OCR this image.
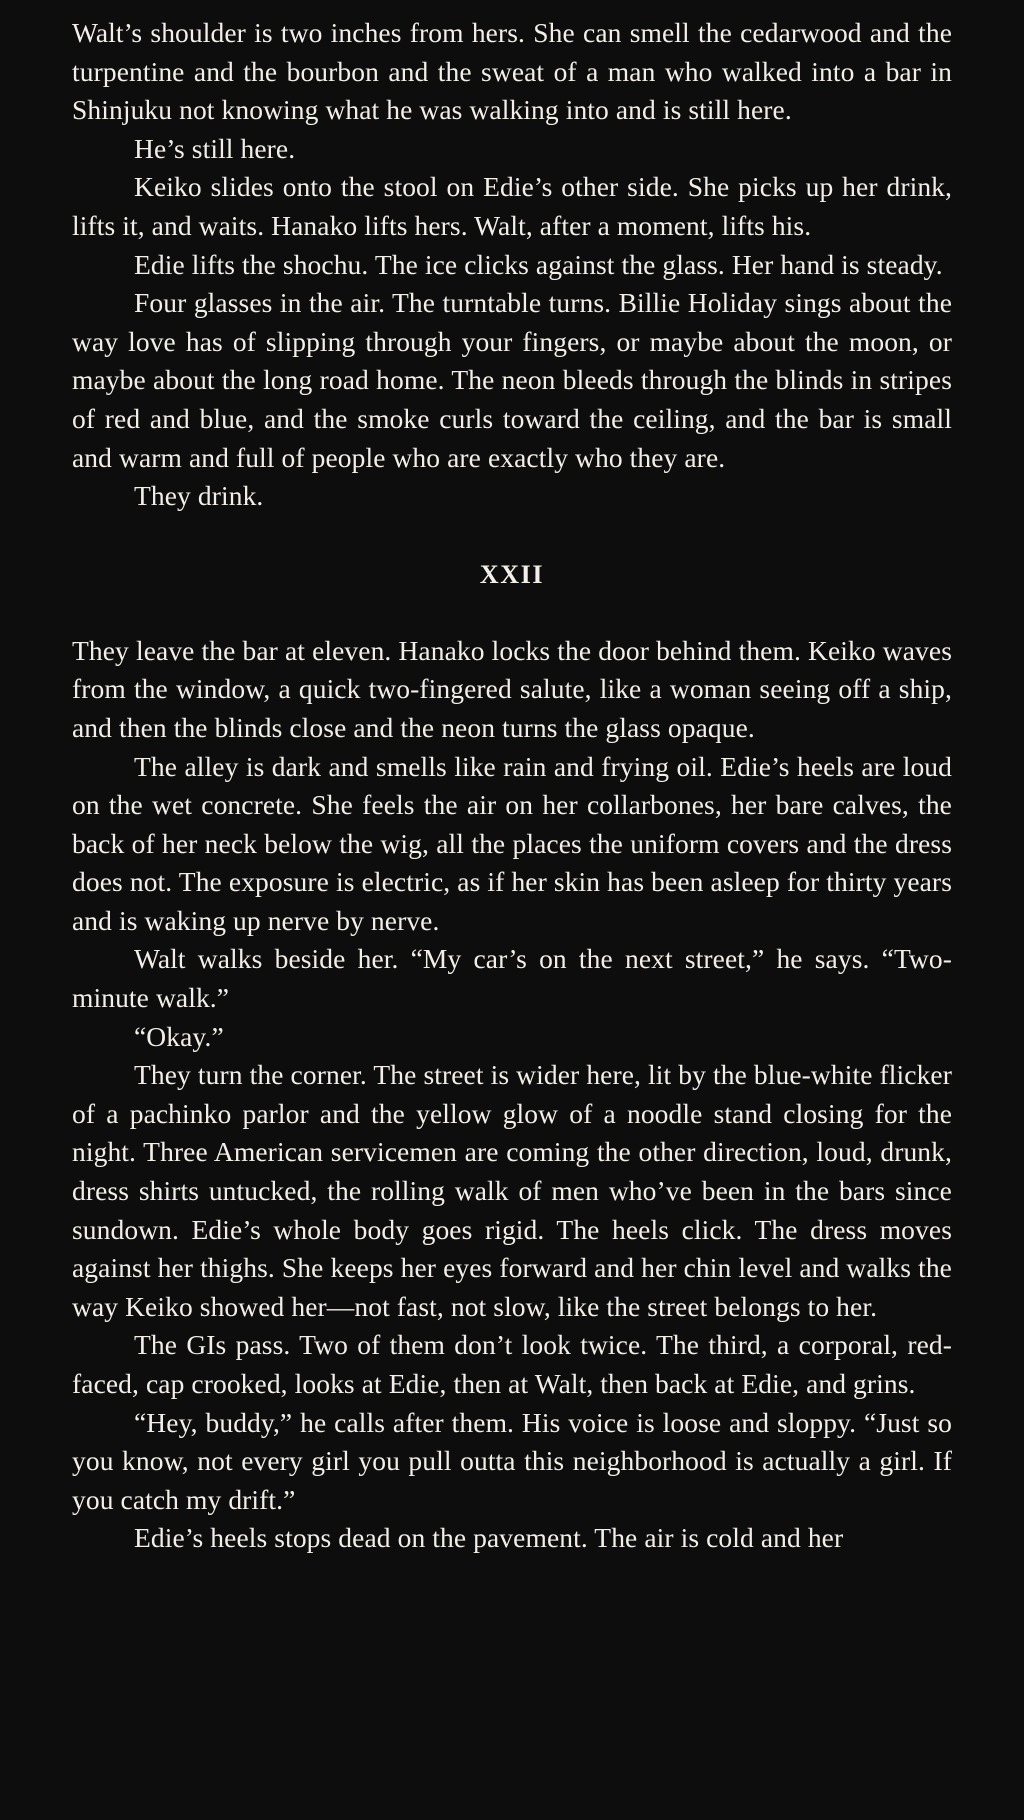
Walt’s shoulder is two inches from hers. She can smell the cedarwood and the turpentine and the bourbon and the sweat of a man who walked into a bar in Shinjuku not knowing what he was walking into and is still here.

He’s still here.

Keiko slides onto the stool on Edie’s other side. She picks up her drink, lifts it, and waits. Hanako lifts hers. Walt, after a moment, lifts his.

Edie lifts the shochu. The ice clicks against the glass. Her hand is steady.

Four glasses in the air. The turntable turns. Billie Holiday sings about the way love has of slipping through your fingers, or maybe about the moon, or maybe about the long road home. The neon bleeds through the blinds in stripes of red and blue, and the smoke curls toward the ceiling, and the bar is small and warm and full of people who are exactly who they are.

They drink.

XXII

They leave the bar at eleven. Hanako locks the door behind them. Keiko waves from the window, a quick two-fingered salute, like a woman seeing off a ship, and then the blinds close and the neon turns the glass opaque.

The alley is dark and smells like rain and frying oil. Edie’s heels are loud on the wet concrete. She feels the air on her collarbones, her bare calves, the back of her neck below the wig, all the places the uniform covers and the dress does not. The exposure is electric, as if her skin has been asleep for thirty years and is waking up nerve by nerve.

Walt walks beside her. “My car’s on the next street,” he says. “Two-minute walk.”

“Okay.”

They turn the corner. The street is wider here, lit by the blue-white flicker of a pachinko parlor and the yellow glow of a noodle stand closing for the night. Three American servicemen are coming the other direction, loud, drunk, dress shirts untucked, the rolling walk of men who’ve been in the bars since sundown. Edie’s whole body goes rigid. The heels click. The dress moves against her thighs. She keeps her eyes forward and her chin level and walks the way Keiko showed her—not fast, not slow, like the street belongs to her.

The GIs pass. Two of them don’t look twice. The third, a corporal, red-faced, cap crooked, looks at Edie, then at Walt, then back at Edie, and grins.

“Hey, buddy,” he calls after them. His voice is loose and sloppy. “Just so you know, not every girl you pull outta this neighborhood is actually a girl. If you catch my drift.”

Edie’s heels stops dead on the pavement. The air is cold and her
